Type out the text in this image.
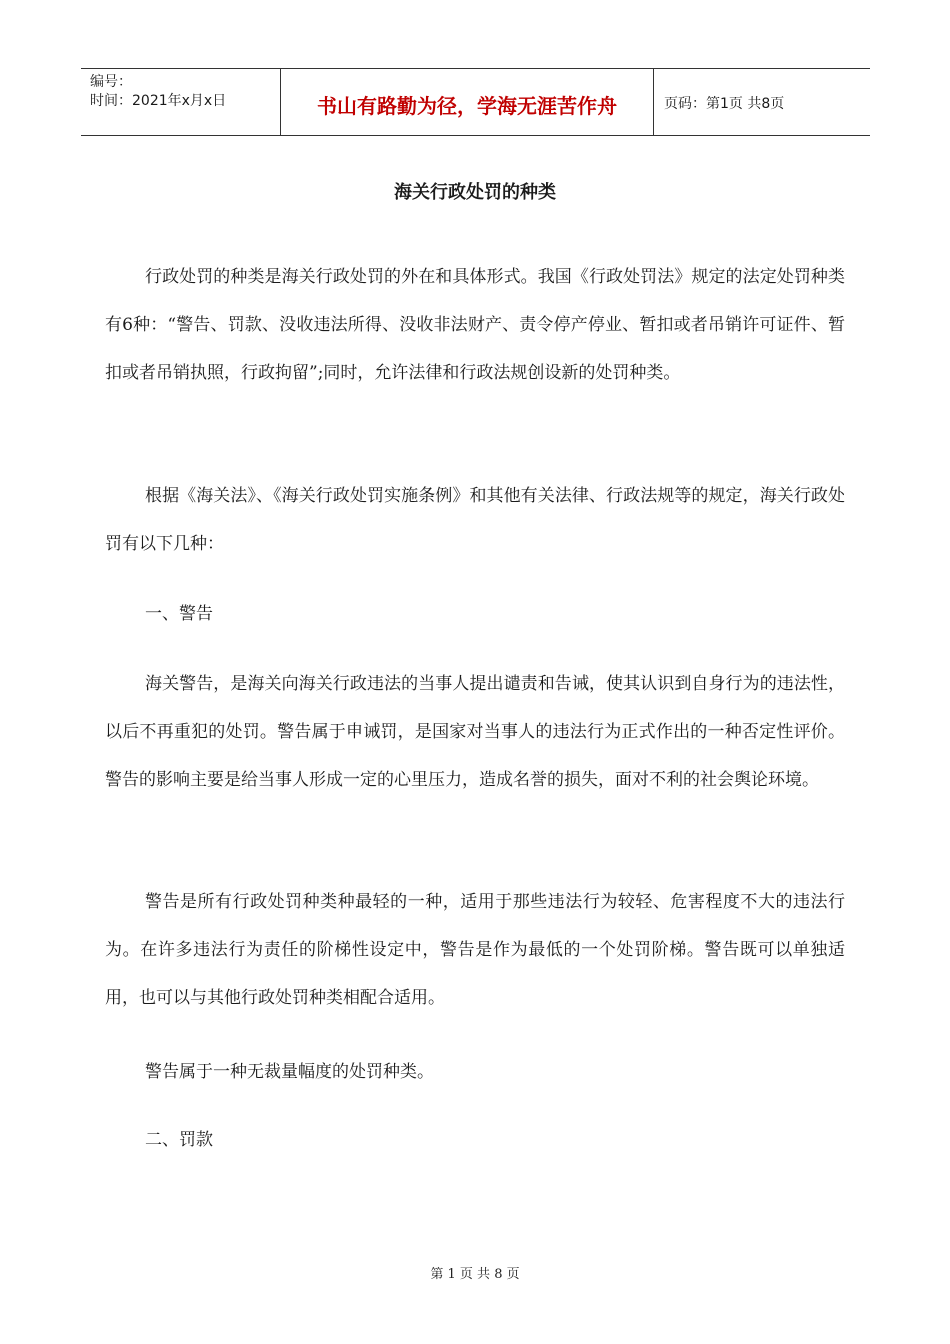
编号：
时间：2021年x月x日	书山有路勤为径，学海无涯苦作舟	页码：第1页 共8页
海关行政处罚的种类

行政处罚的种类是海关行政处罚的外在和具体形式。我国《行政处罚法》规定的法定处罚种类有6种：“警告、罚款、没收违法所得、没收非法财产、责令停产停业、暂扣或者吊销许可证件、暂扣或者吊销执照，行政拘留”;同时，允许法律和行政法规创设新的处罚种类。

根据《海关法》、《海关行政处罚实施条例》和其他有关法律、行政法规等的规定，海关行政处罚有以下几种：

一、警告

海关警告，是海关向海关行政违法的当事人提出谴责和告诫，使其认识到自身行为的违法性，以后不再重犯的处罚。警告属于申诫罚，是国家对当事人的违法行为正式作出的一种否定性评价。警告的影响主要是给当事人形成一定的心里压力，造成名誉的损失，面对不利的社会舆论环境。

警告是所有行政处罚种类种最轻的一种，适用于那些违法行为较轻、危害程度不大的违法行为。在许多违法行为责任的阶梯性设定中，警告是作为最低的一个处罚阶梯。警告既可以单独适用，也可以与其他行政处罚种类相配合适用。

警告属于一种无裁量幅度的处罚种类。

二、罚款

第 1 页 共 8 页
